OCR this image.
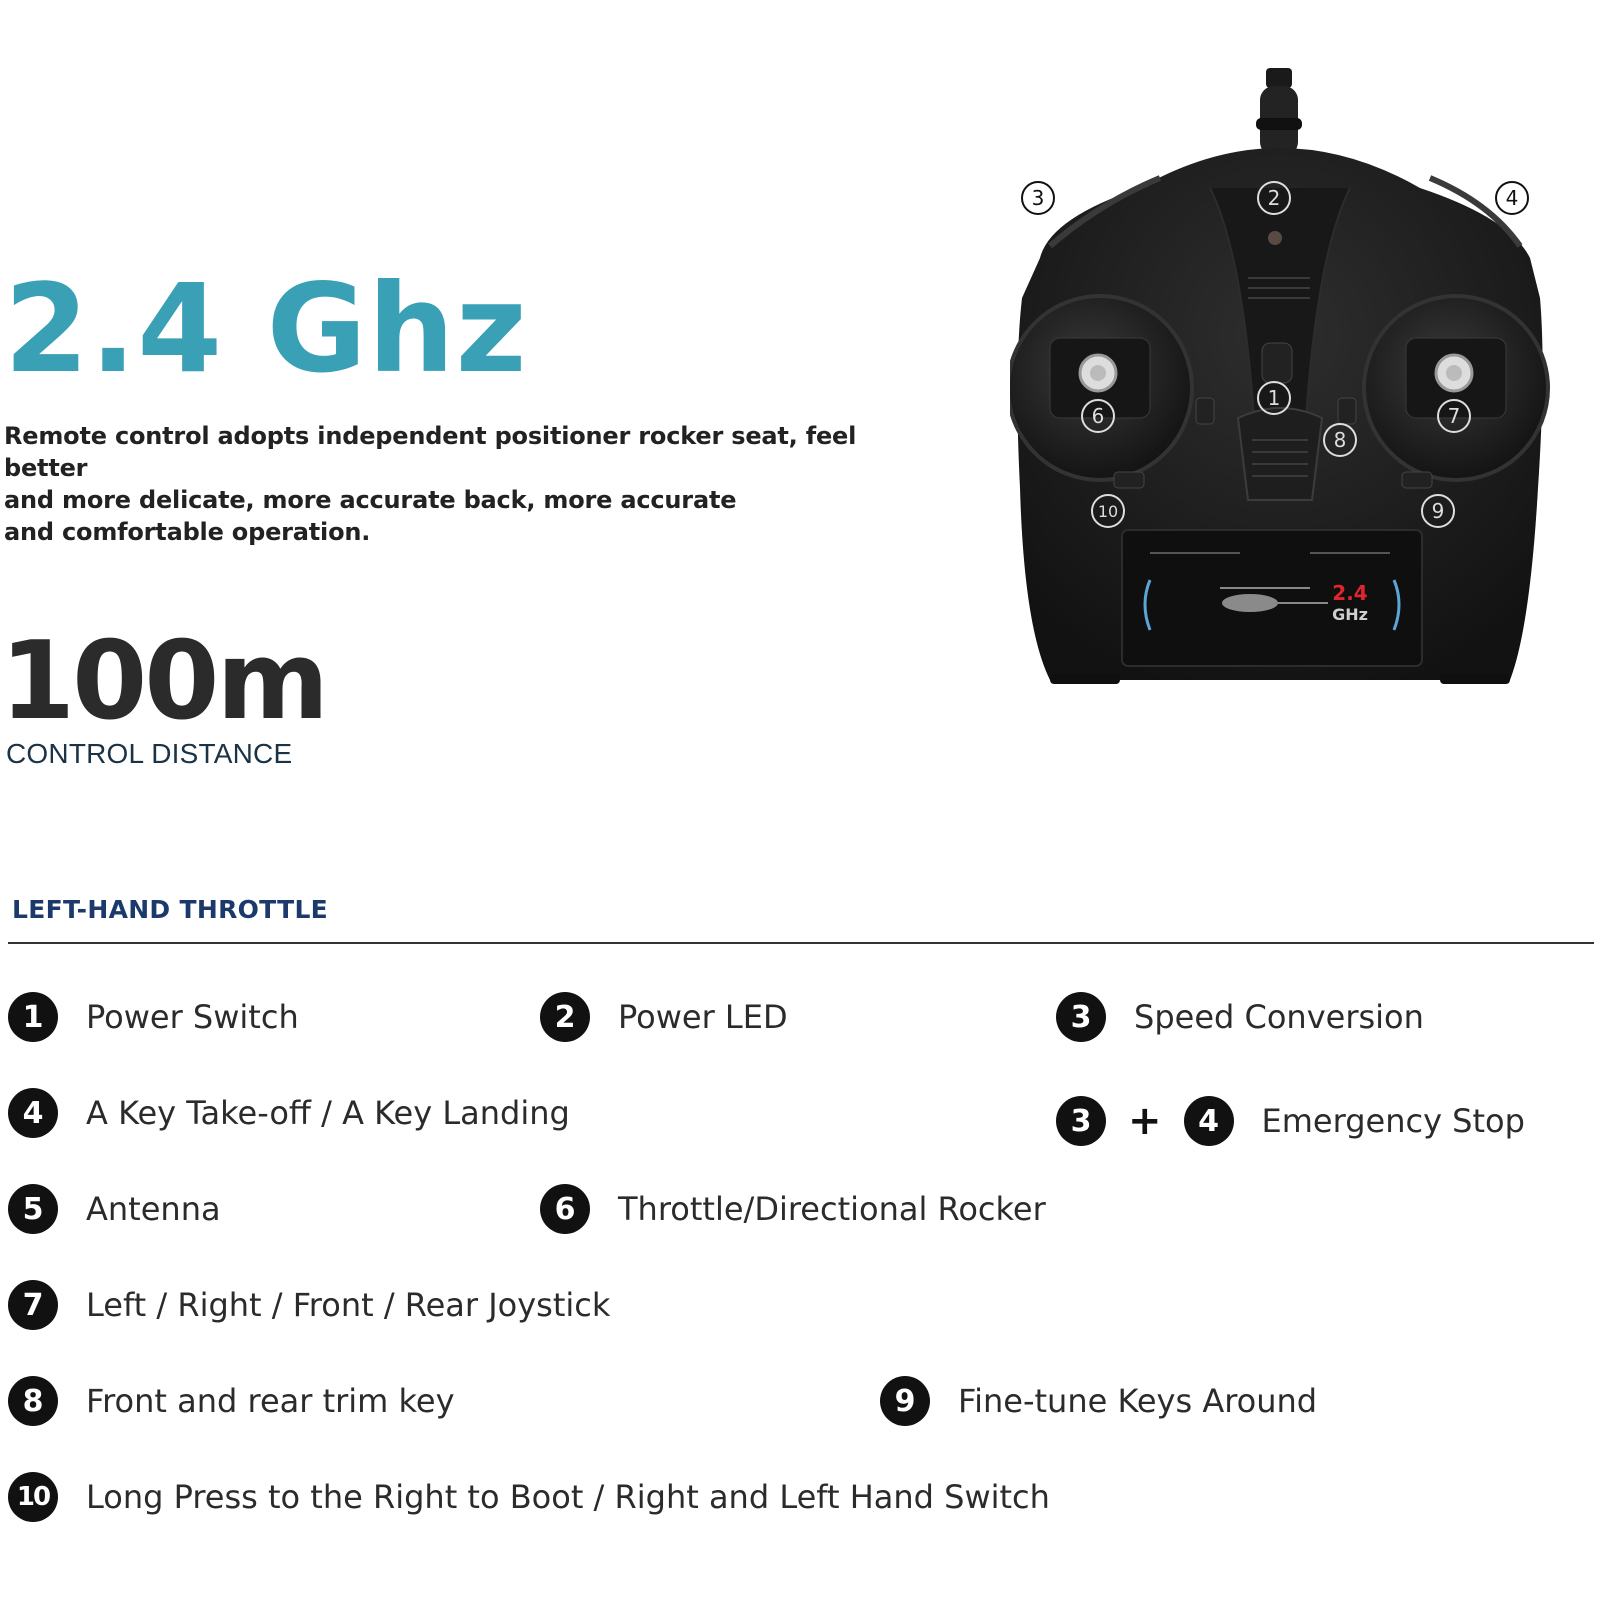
2.4 Ghz
Remote control adopts independent positioner rocker seat, feel better
and more delicate, more accurate back, more accurate
and comfortable operation.
100m
CONTROL DISTANCE
2.4
GHz
1
2
3	4
6	7
8
9
10
LEFT-HAND THROTTLE
1	Power Switch	2	Power LED	3	Speed Conversion
4	A Key Take-off / A Key Landing	3 +	4	Emergency Stop
5	Antenna	6	Throttle/Directional Rocker
7	Left / Right / Front / Rear Joystick
8	Front and rear trim key	9	Fine-tune Keys Around
10 Long Press to the Right to Boot / Right and Left Hand Switch
